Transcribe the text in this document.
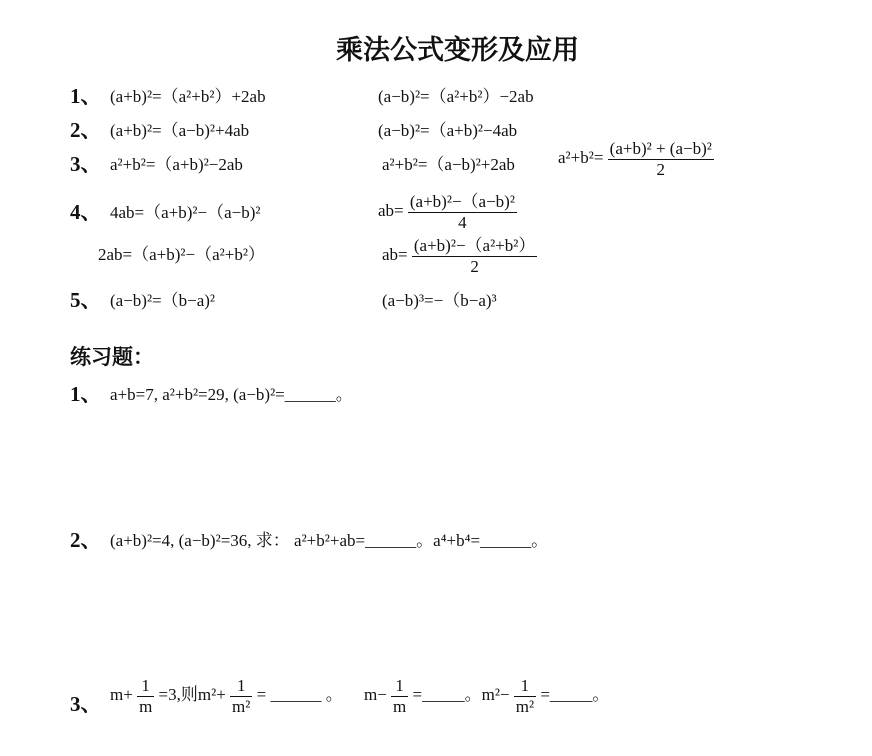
乘法公式变形及应用
1、 (a+b)²=（a²+b²）+2ab	(a−b)²=（a²+b²）−2ab
2、 (a+b)²=（a−b)²+4ab	(a−b)²=（a+b)²−4ab
3、 a²+b²=（a+b)²−2ab	a²+b²=（a−b)²+2ab	$a^2+b^2= \frac{\text{(a+b)² + (a−b)²}}{2}$
4、 4ab=（a+b)²−（a−b)²	$ab= \frac{\text{(a+b)²−（a−b)²}}{4}$
2ab=（a+b)²−（a²+b²）	$ab= \frac{\text{(a+b)²−（a²+b²）}}{2}$
5、 (a−b)²=（b−a)²	(a−b)³=−（b−a)³
练习题：
1、 a+b=7, a²+b²=29, (a−b)²=______。
2、 (a+b)²=4, (a−b)²=36, 求： a²+b²+ab=______。a⁴+b⁴=______。
3、 $m+ \frac{1}{m} =3$,则$m^2+ \frac{1}{\text{m²}}$ = ______ 。 $m- \frac{1}{m}$ =_____。$m^2- \frac{1}{\text{m²}}$ =_____。
